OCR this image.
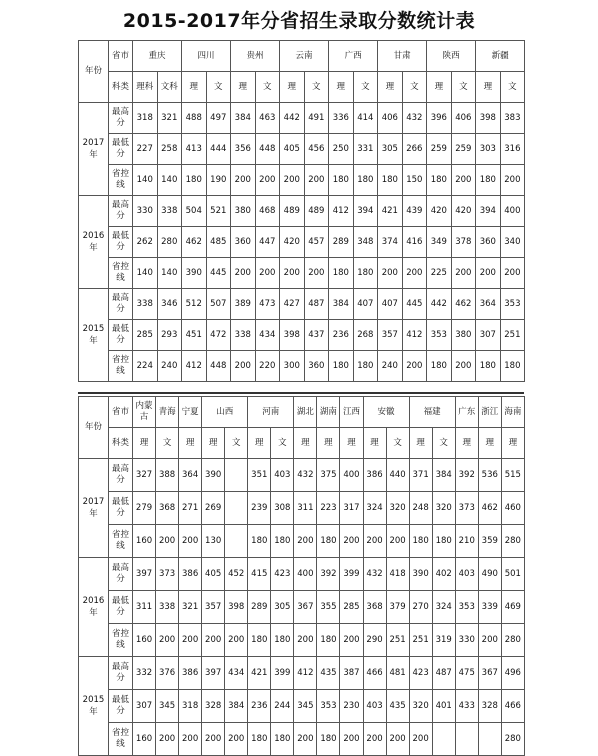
2015-2017年分省招生录取分数统计表
年份	省市	重庆		四川		贵州		云南		广西		甘肃		陕西		新疆	
	科类	理科	文科	理	文	理	文	理	文	理	文	理	文	理	文	理	文
2017年	最高分	318	321	488	497	384	463	442	491	336	414	406	432	396	406	398	383
	最低分	227	258	413	444	356	448	405	456	250	331	305	266	259	259	303	316
	省控线	140	140	180	190	200	200	200	200	180	180	180	150	180	200	180	200
2016年	最高分	330	338	504	521	380	468	489	489	412	394	421	439	420	420	394	400
	最低分	262	280	462	485	360	447	420	457	289	348	374	416	349	378	360	340
	省控线	140	140	390	445	200	200	200	200	180	180	200	200	225	200	200	200
2015年	最高分	338	346	512	507	389	473	427	487	384	407	407	445	442	462	364	353
	最低分	285	293	451	472	338	434	398	437	236	268	357	412	353	380	307	251
	省控线	224	240	412	448	200	220	300	360	180	180	240	200	180	200	180	180
年份	省市	内蒙古	青海	宁夏	山西		河南		湖北	湖南	江西	安徽		福建		广东	浙江	海南
	科类	理	文	理	理	文	理	文	理	理	理	理	文	理	文	理	理	理
2017年	最高分	327	388	364	390		351	403	432	375	400	386	440	371	384	392	536	515
	最低分	279	368	271	269		239	308	311	223	317	324	320	248	320	373	462	460
	省控线	160	200	200	130		180	180	200	180	200	200	200	180	180	210	359	280
2016年	最高分	397	373	386	405	452	415	423	400	392	399	432	418	390	402	403	490	501
	最低分	311	338	321	357	398	289	305	367	355	285	368	379	270	324	353	339	469
	省控线	160	200	200	200	200	180	180	200	180	200	290	251	251	319	330	200	280
2015年	最高分	332	376	386	397	434	421	399	412	435	387	466	481	423	487	475	367	496
	最低分	307	345	318	328	384	236	244	345	353	230	403	435	320	401	433	328	466
	省控线	160	200	200	200	200	180	180	200	180	200	200	200	200				280
